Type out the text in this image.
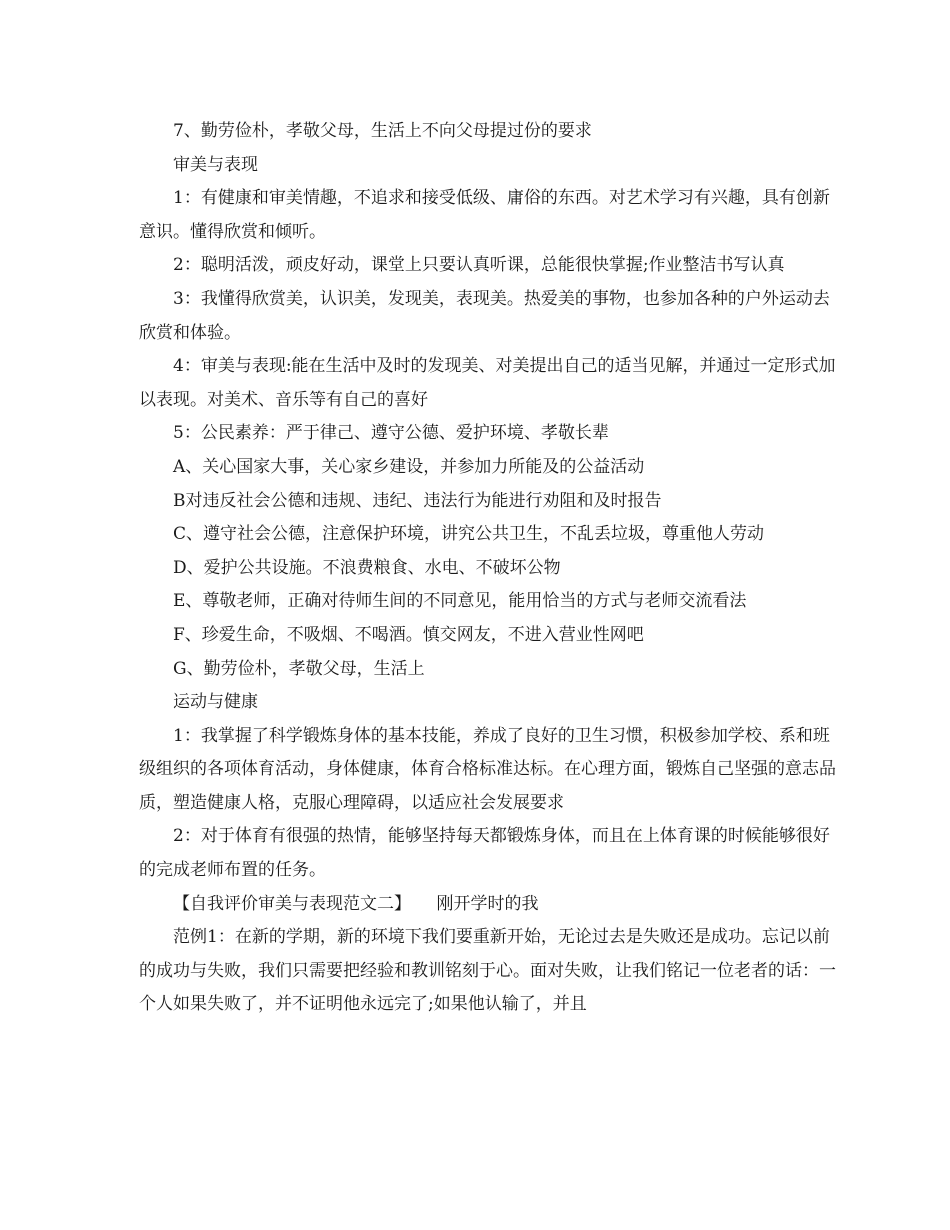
7、勤劳俭朴，孝敬父母，生活上不向父母提过份的要求

审美与表现

1：有健康和审美情趣，不追求和接受低级、庸俗的东西。对艺术学习有兴趣，具有创新意识。懂得欣赏和倾听。

2：聪明活泼，顽皮好动，课堂上只要认真听课，总能很快掌握;作业整洁书写认真

3：我懂得欣赏美，认识美，发现美，表现美。热爱美的事物，也参加各种的户外运动去欣赏和体验。

4：审美与表现:能在生活中及时的发现美、对美提出自己的适当见解，并通过一定形式加以表现。对美术、音乐等有自己的喜好

5：公民素养：严于律己、遵守公德、爱护环境、孝敬长辈

A、关心国家大事，关心家乡建设，并参加力所能及的公益活动

B对违反社会公德和违规、违纪、违法行为能进行劝阻和及时报告

C、遵守社会公德，注意保护环境，讲究公共卫生，不乱丢垃圾，尊重他人劳动

D、爱护公共设施。不浪费粮食、水电、不破坏公物

E、尊敬老师，正确对待师生间的不同意见，能用恰当的方式与老师交流看法

F、珍爱生命，不吸烟、不喝酒。慎交网友，不进入营业性网吧

G、勤劳俭朴，孝敬父母，生活上

运动与健康

1：我掌握了科学锻炼身体的基本技能，养成了良好的卫生习惯，积极参加学校、系和班级组织的各项体育活动，身体健康，体育合格标准达标。在心理方面，锻炼自己坚强的意志品质，塑造健康人格，克服心理障碍，以适应社会发展要求

2：对于体育有很强的热情，能够坚持每天都锻炼身体，而且在上体育课的时候能够很好的完成老师布置的任务。

【自我评价审美与表现范文二】　　刚开学时的我

范例1：在新的学期，新的环境下我们要重新开始，无论过去是失败还是成功。忘记以前的成功与失败，我们只需要把经验和教训铭刻于心。面对失败，让我们铭记一位老者的话：一个人如果失败了，并不证明他永远完了;如果他认输了，并且
